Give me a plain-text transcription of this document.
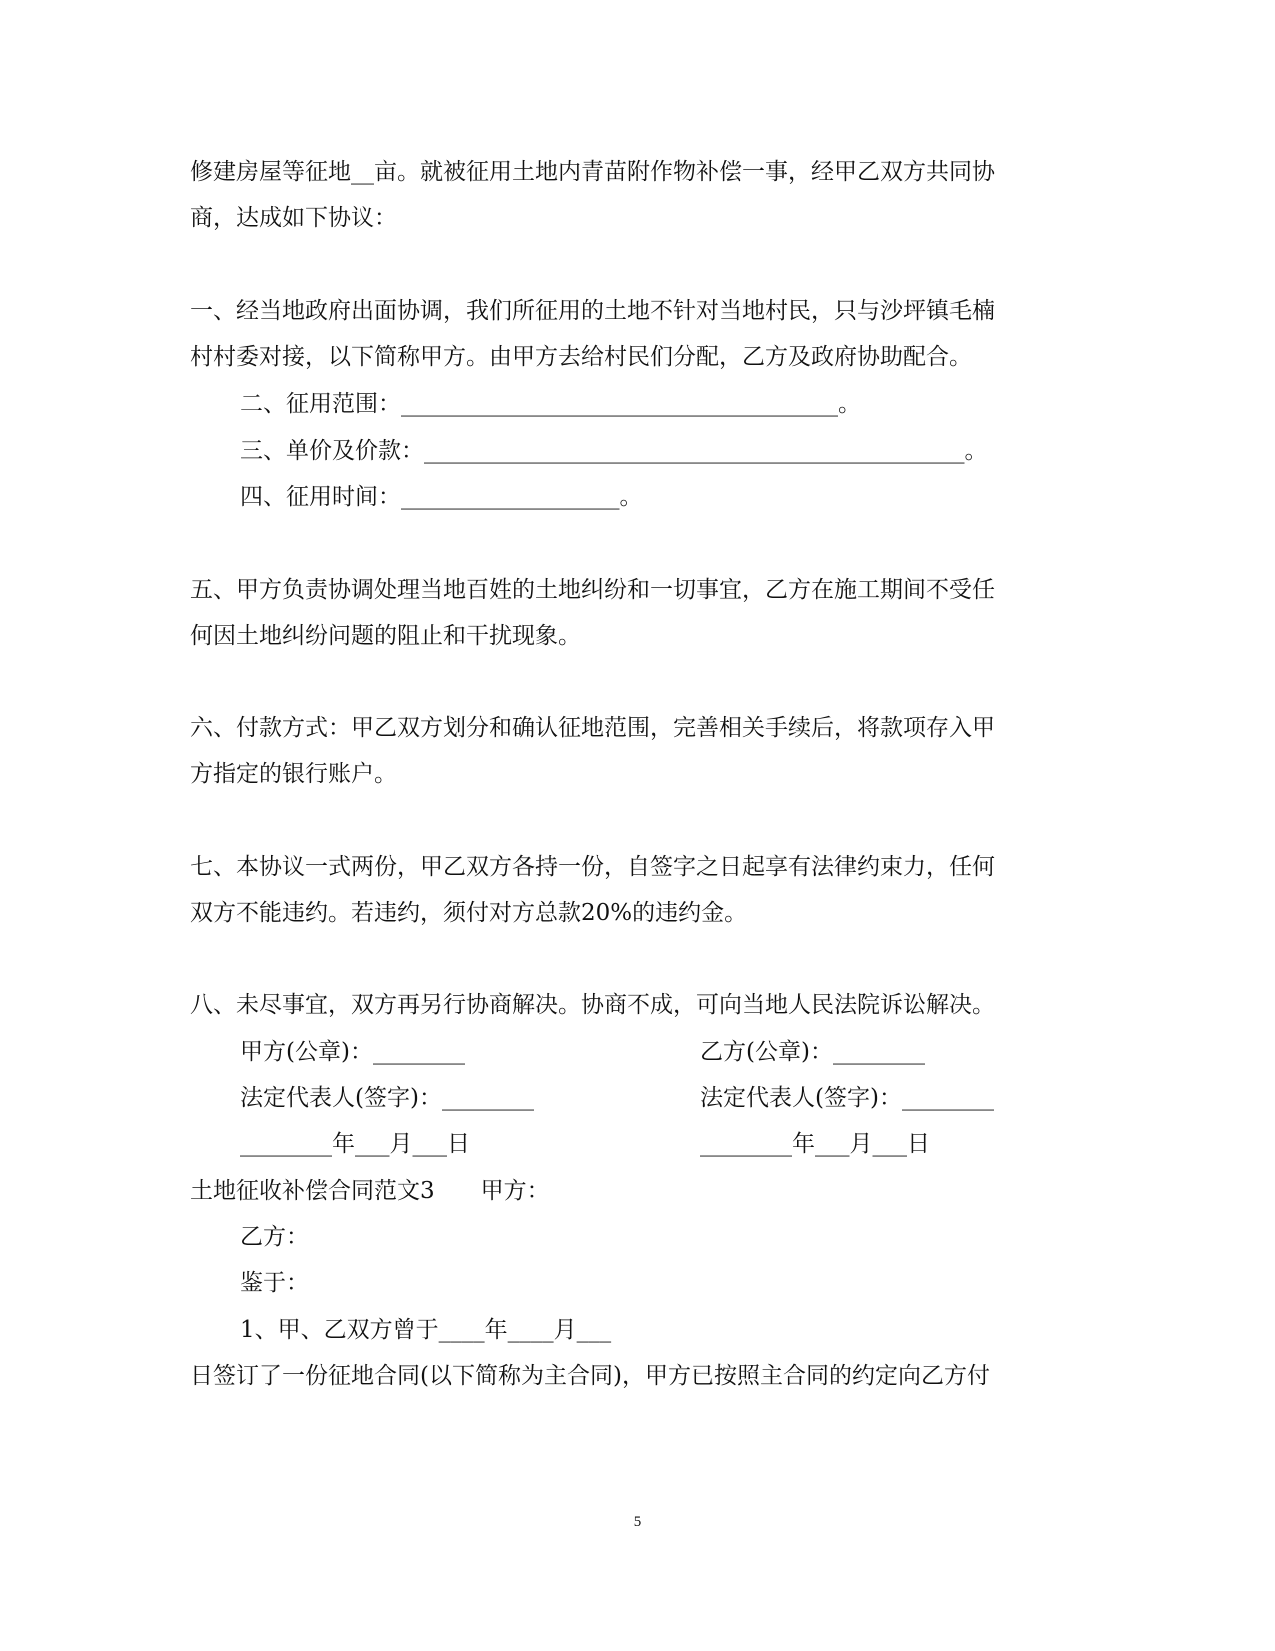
修建房屋等征地__亩。就被征用土地内青苗附作物补偿一事，经甲乙双方共同协
商，达成如下协议：
一、经当地政府出面协调，我们所征用的土地不针对当地村民，只与沙坪镇毛楠
村村委对接，以下简称甲方。由甲方去给村民们分配，乙方及政府协助配合。
二、征用范围：______________________________________。
三、单价及价款：_______________________________________________。
四、征用时间：___________________。
五、甲方负责协调处理当地百姓的土地纠纷和一切事宜，乙方在施工期间不受任
何因土地纠纷问题的阻止和干扰现象。
六、付款方式：甲乙双方划分和确认征地范围，完善相关手续后，将款项存入甲
方指定的银行账户。
七、本协议一式两份，甲乙双方各持一份，自签字之日起享有法律约束力，任何
双方不能违约。若违约，须付对方总款20%的违约金。
八、未尽事宜，双方再另行协商解决。协商不成，可向当地人民法院诉讼解决。
甲方(公章)：________
法定代表人(签字)：________
________年___月___日
乙方(公章)：________
法定代表人(签字)：________
________年___月___日
土地征收补偿合同范文3　　甲方：
乙方：
鉴于：
1、甲、乙双方曾于____年____月___
日签订了一份征地合同(以下简称为主合同)，甲方已按照主合同的约定向乙方付
5
